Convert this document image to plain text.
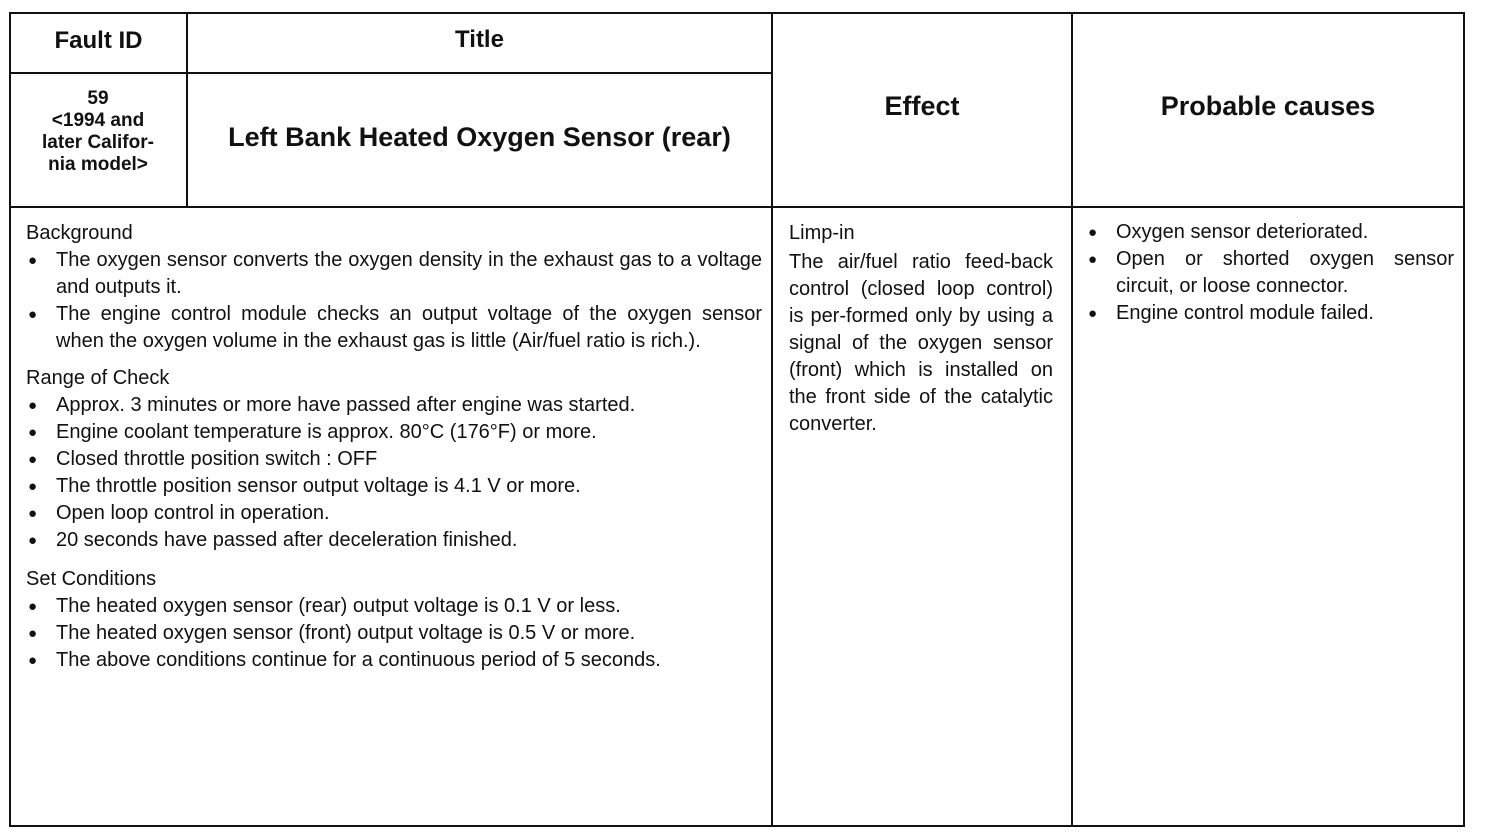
Fault ID	Title
Effect	Probable causes
59
<1994 and later Califor-nia model>
Left Bank Heated Oxygen Sensor (rear)

Background

● The oxygen sensor converts the oxygen density in the exhaust gas to a voltage and outputs it.
● The engine control module checks an output voltage of the oxygen sensor when the oxygen volume in the exhaust gas is little (Air/fuel ratio is rich.).

Range of Check

● Approx. 3 minutes or more have passed after engine was started.
● Engine coolant temperature is approx. 80°C (176°F) or more.
● Closed throttle position switch : OFF
● The throttle position sensor output voltage is 4.1 V or more.
● Open loop control in operation.
● 20 seconds have passed after deceleration finished.

Set Conditions

● The heated oxygen sensor (rear) output voltage is 0.1 V or less.
● The heated oxygen sensor (front) output voltage is 0.5 V or more.
● The above conditions continue for a continuous period of 5 seconds.

Limp-in

The air/fuel ratio feed-back control (closed loop control) is per-formed only by using a signal of the oxygen sensor (front) which is installed on the front side of the catalytic converter.

● Oxygen sensor deteriorated.
● Open or shorted oxygen sensor circuit, or loose connector.
● Engine control module failed.
